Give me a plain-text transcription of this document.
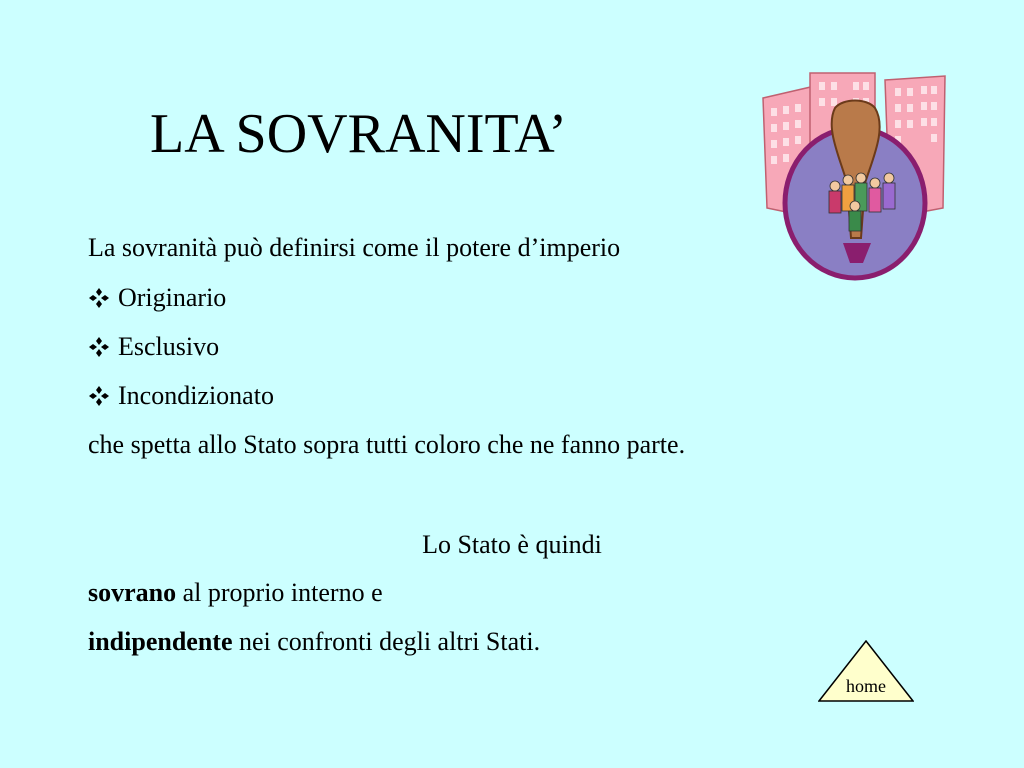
LA SOVRANITA’
La sovranità può definirsi come il potere d’imperio
Originario
Esclusivo
Incondizionato
che spetta allo Stato sopra tutti coloro che ne fanno parte.
Lo Stato è quindi
sovrano al proprio interno e
indipendente nei confronti degli altri Stati.
home
